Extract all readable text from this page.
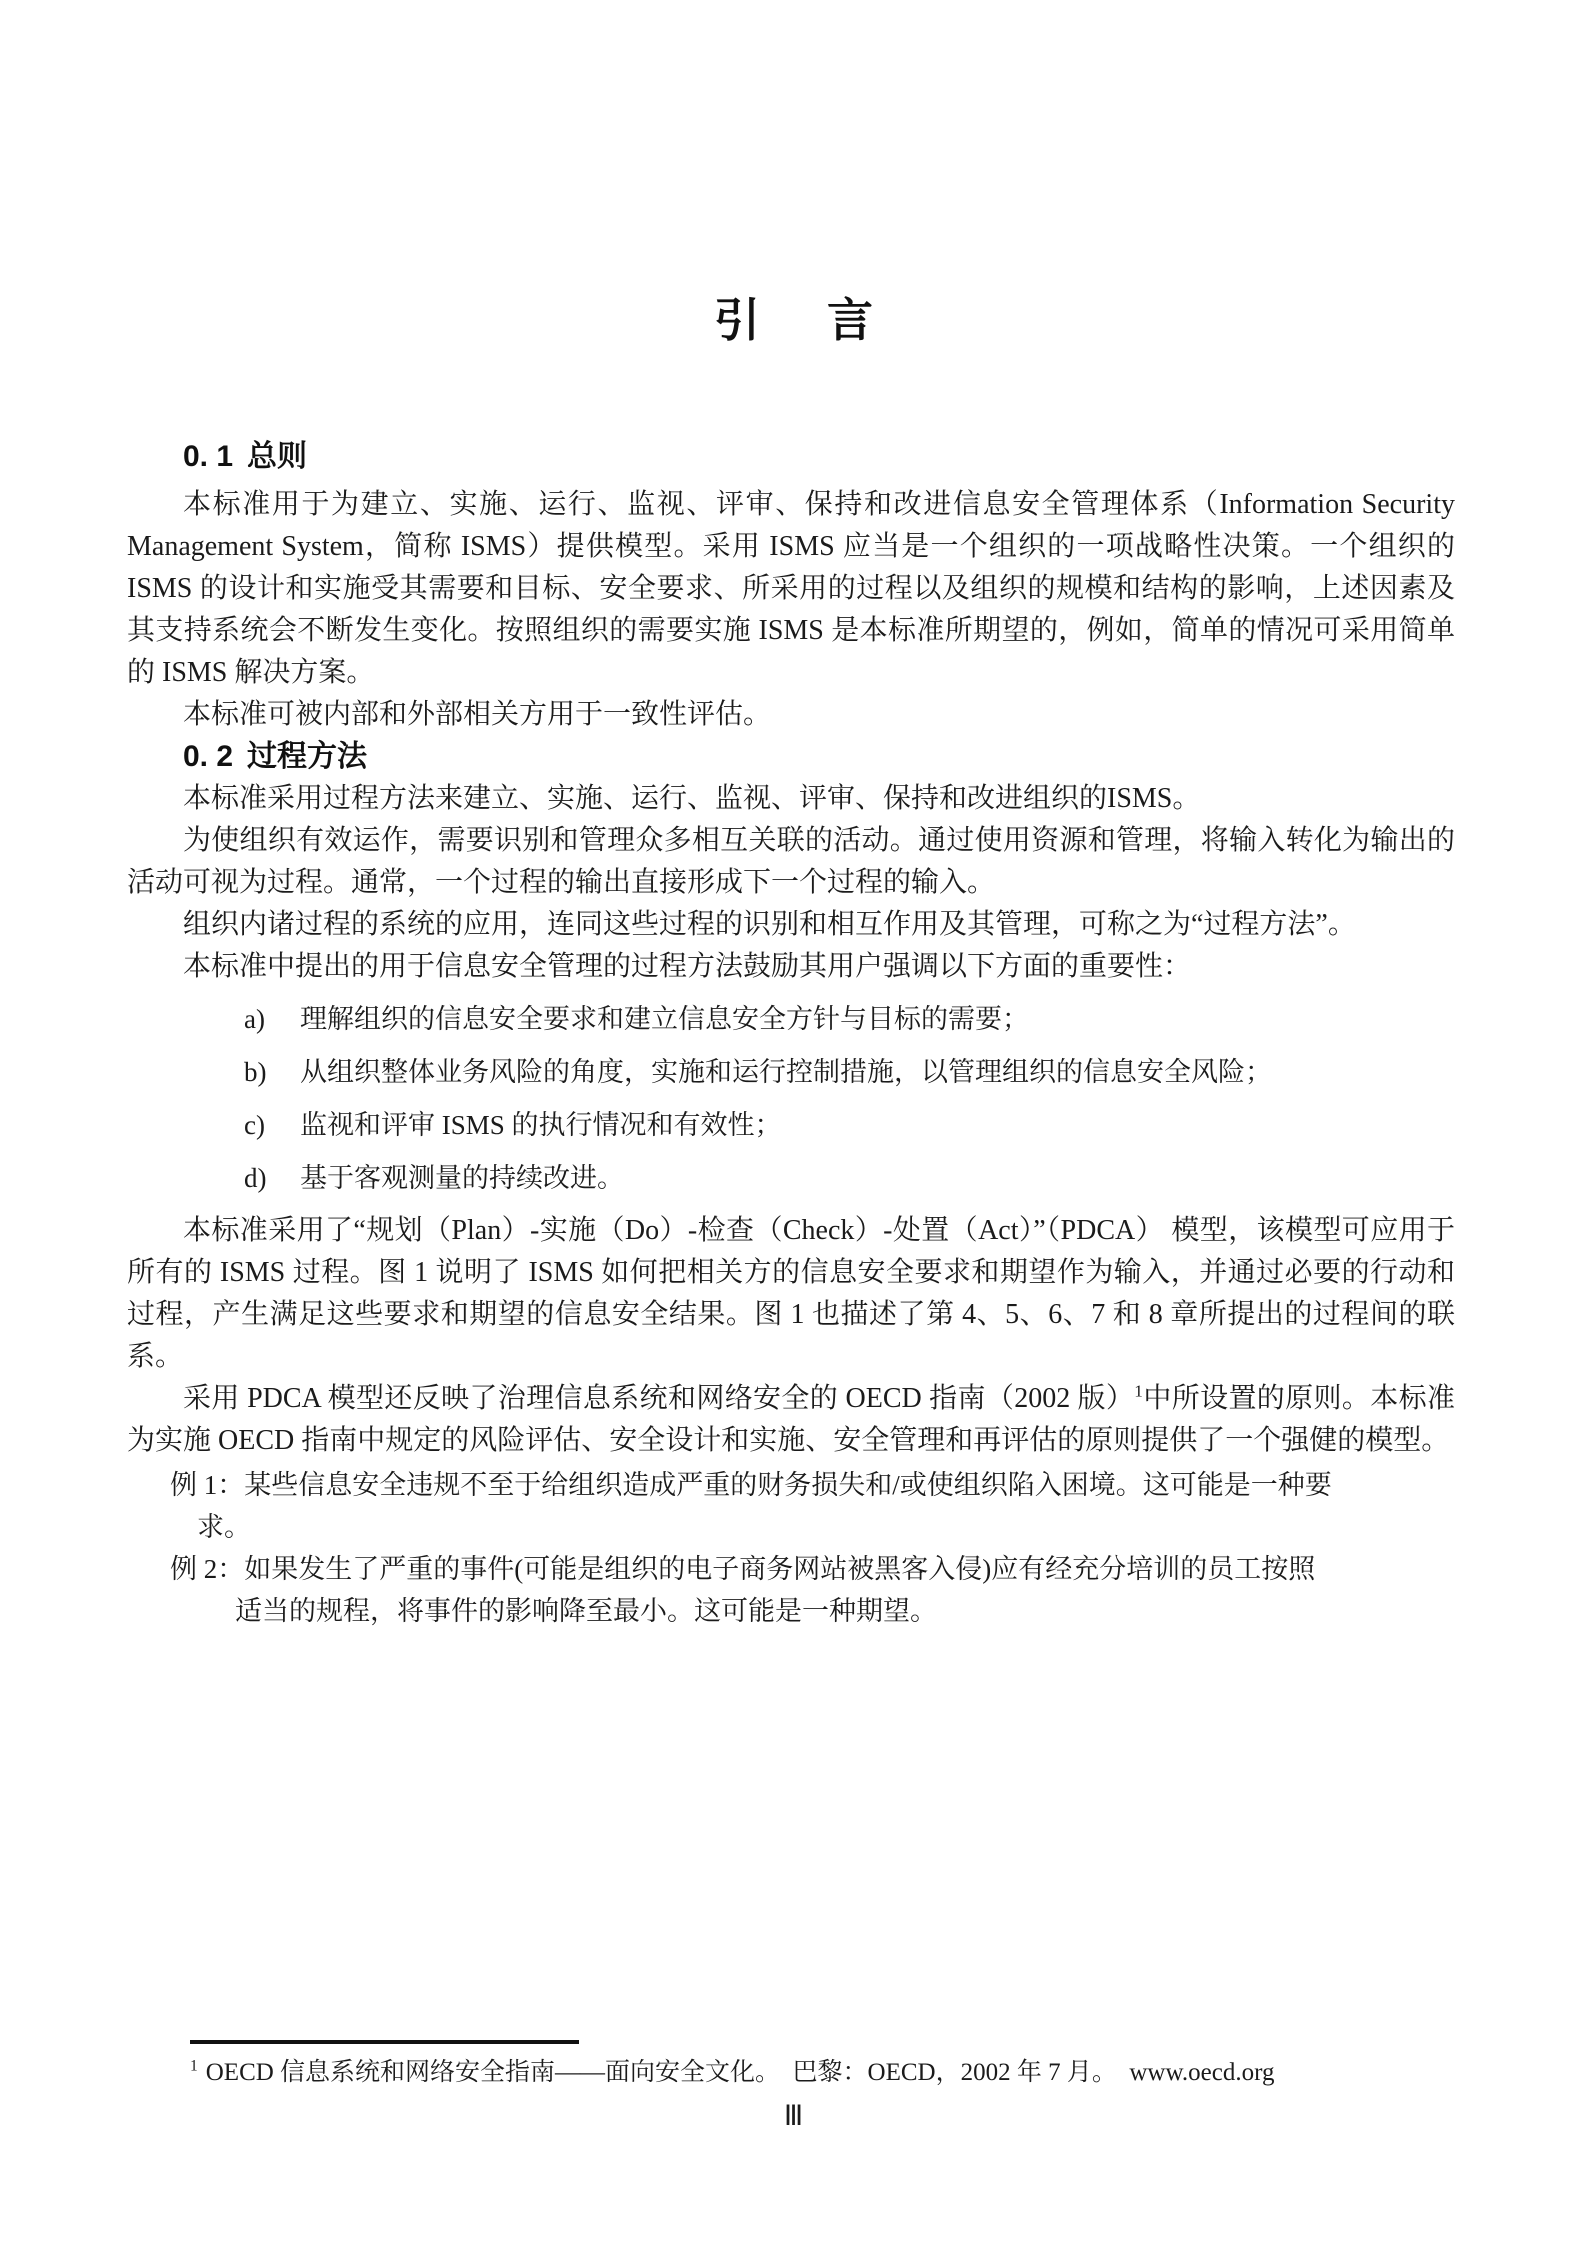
引 言
0. 1 总则

本标准用于为建立、实施、运行、监视、评审、保持和改进信息安全管理体系（Information Security Management System，简称 ISMS）提供模型。采用 ISMS 应当是一个组织的一项战略性决策。一个组织的 ISMS 的设计和实施受其需要和目标、安全要求、所采用的过程以及组织的规模和结构的影响，上述因素及其支持系统会不断发生变化。按照组织的需要实施 ISMS 是本标准所期望的，例如，简单的情况可采用简单的 ISMS 解决方案。

本标准可被内部和外部相关方用于一致性评估。

0. 2 过程方法

本标准采用过程方法来建立、实施、运行、监视、评审、保持和改进组织的ISMS。

为使组织有效运作，需要识别和管理众多相互关联的活动。通过使用资源和管理，将输入转化为输出的活动可视为过程。通常，一个过程的输出直接形成下一个过程的输入。

组织内诸过程的系统的应用，连同这些过程的识别和相互作用及其管理，可称之为“过程方法”。

本标准中提出的用于信息安全管理的过程方法鼓励其用户强调以下方面的重要性：

a) 理解组织的信息安全要求和建立信息安全方针与目标的需要；
b) 从组织整体业务风险的角度，实施和运行控制措施，以管理组织的信息安全风险；
c) 监视和评审 ISMS 的执行情况和有效性；
d) 基于客观测量的持续改进。

本标准采用了“规划（Plan）-实施（Do）-检查（Check）-处置（Act）”（PDCA） 模型，该模型可应用于所有的 ISMS 过程。图 1 说明了 ISMS 如何把相关方的信息安全要求和期望作为输入，并通过必要的行动和过程，产生满足这些要求和期望的信息安全结果。图 1 也描述了第 4、5、6、7 和 8 章所提出的过程间的联系。

采用 PDCA 模型还反映了治理信息系统和网络安全的 OECD 指南（2002 版）$^1$中所设置的原则。本标准为实施 OECD 指南中规定的风险评估、安全设计和实施、安全管理和再评估的原则提供了一个强健的模型。

例 1：某些信息安全违规不至于给组织造成严重的财务损失和/或使组织陷入困境。这可能是一种要
求。
例 2：如果发生了严重的事件(可能是组织的电子商务网站被黑客入侵)应有经充分培训的员工按照
适当的规程，将事件的影响降至最小。这可能是一种期望。
$^1$ OECD 信息系统和网络安全指南——面向安全文化。　巴黎：OECD，2002 年 7 月。　www.oecd.org
Ⅲ
